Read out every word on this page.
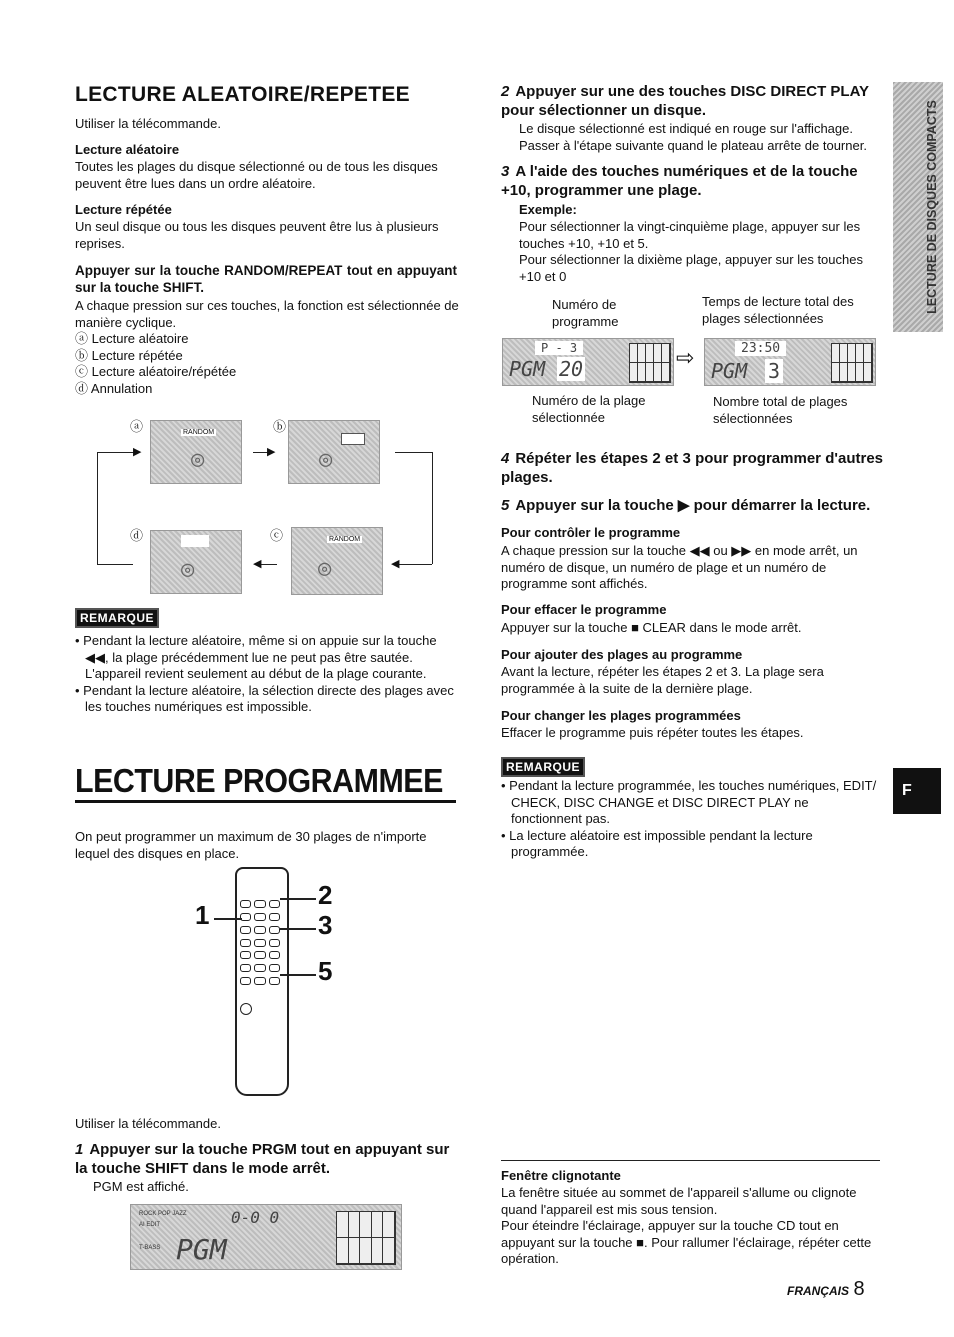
LECTURE ALEATOIRE/REPETEE

Utiliser la télécommande.

Lecture aléatoire

Toutes les plages du disque sélectionné ou de tous les disques peuvent être lues dans un ordre aléatoire.

Lecture répétée

Un seul disque ou tous les disques peuvent être lus à plusieurs reprises.

Appuyer sur la touche RANDOM/REPEAT tout en appuyant sur la touche SHIFT.

A chaque pression sur ces touches, la fonction est sélectionnée de manière cyclique.

ⓐ Lecture aléatoire
ⓑ Lecture répétée
ⓒ Lecture aléatoire/répétée
ⓓ Annulation
ⓐ	RANDOM
◎
ⓑ
◎
ⓓ
◎
ⓒ	RANDOM
◎
▶	▶
◀
◀
REMARQUE
• Pendant la lecture aléatoire, même si on appuie sur la touche ◀◀, la plage précédemment lue ne peut pas être sautée. L'appareil revient seulement au début de la plage courante.
• Pendant la lecture aléatoire, la sélection directe des plages avec les touches numériques est impossible.
LECTURE PROGRAMMEE

On peut programmer un maximum de 30 plages de n'importe lequel des disques en place.

1
2
3
5

Utiliser la télécommande.

1 Appuyer sur la touche PRGM tout en appuyant sur la touche SHIFT dans le mode arrêt.

PGM est affiché.

ROCK POP JAZZ
AI EDIT
T-BASS PGM
0-0 0
2 Appuyer sur une des touches DISC DIRECT PLAY pour sélectionner un disque.

Le disque sélectionné est indiqué en rouge sur l'affichage. Passer à l'étape suivante quand le plateau arrête de tourner.

3 A l'aide des touches numériques et de la touche +10, programmer une plage.

Exemple:

Pour sélectionner la vingt-cinquième plage, appuyer sur les touches +10, +10 et 5.

Pour sélectionner la dixième plage, appuyer sur les touches +10 et 0

Numéro de programme

Temps de lecture total des plages sélectionnées

P - 3
PGM 20	⇨	23:50
PGM 3

Numéro de la plage sélectionnée

Nombre total de plages sélectionnées

4 Répéter les étapes 2 et 3 pour programmer d'autres plages.
5 Appuyer sur la touche ▶ pour démarrer la lecture.

Pour contrôler le programme

A chaque pression sur la touche ◀◀ ou ▶▶ en mode arrêt, un numéro de disque, un numéro de plage et un numéro de programme sont affichés.

Pour effacer le programme

Appuyer sur la touche ■ CLEAR dans le mode arrêt.

Pour ajouter des plages au programme

Avant la lecture, répéter les étapes 2 et 3. La plage sera programmée à la suite de la dernière plage.

Pour changer les plages programmées

Effacer le programme puis répéter toutes les étapes.

REMARQUE
• Pendant la lecture programmée, les touches numériques, EDIT/ CHECK, DISC CHANGE et DISC DIRECT PLAY ne fonctionnent pas.
• La lecture aléatoire est impossible pendant la lecture programmée.

Fenêtre clignotante

La fenêtre située au sommet de l'appareil s'allume ou clignote quand l'appareil est mis sous tension.

Pour éteindre l'éclairage, appuyer sur la touche CD tout en appuyant sur la touche ■. Pour rallumer l'éclairage, répéter cette opération.

LECTURE DE DISQUES COMPACTS
F
FRANÇAIS 8
